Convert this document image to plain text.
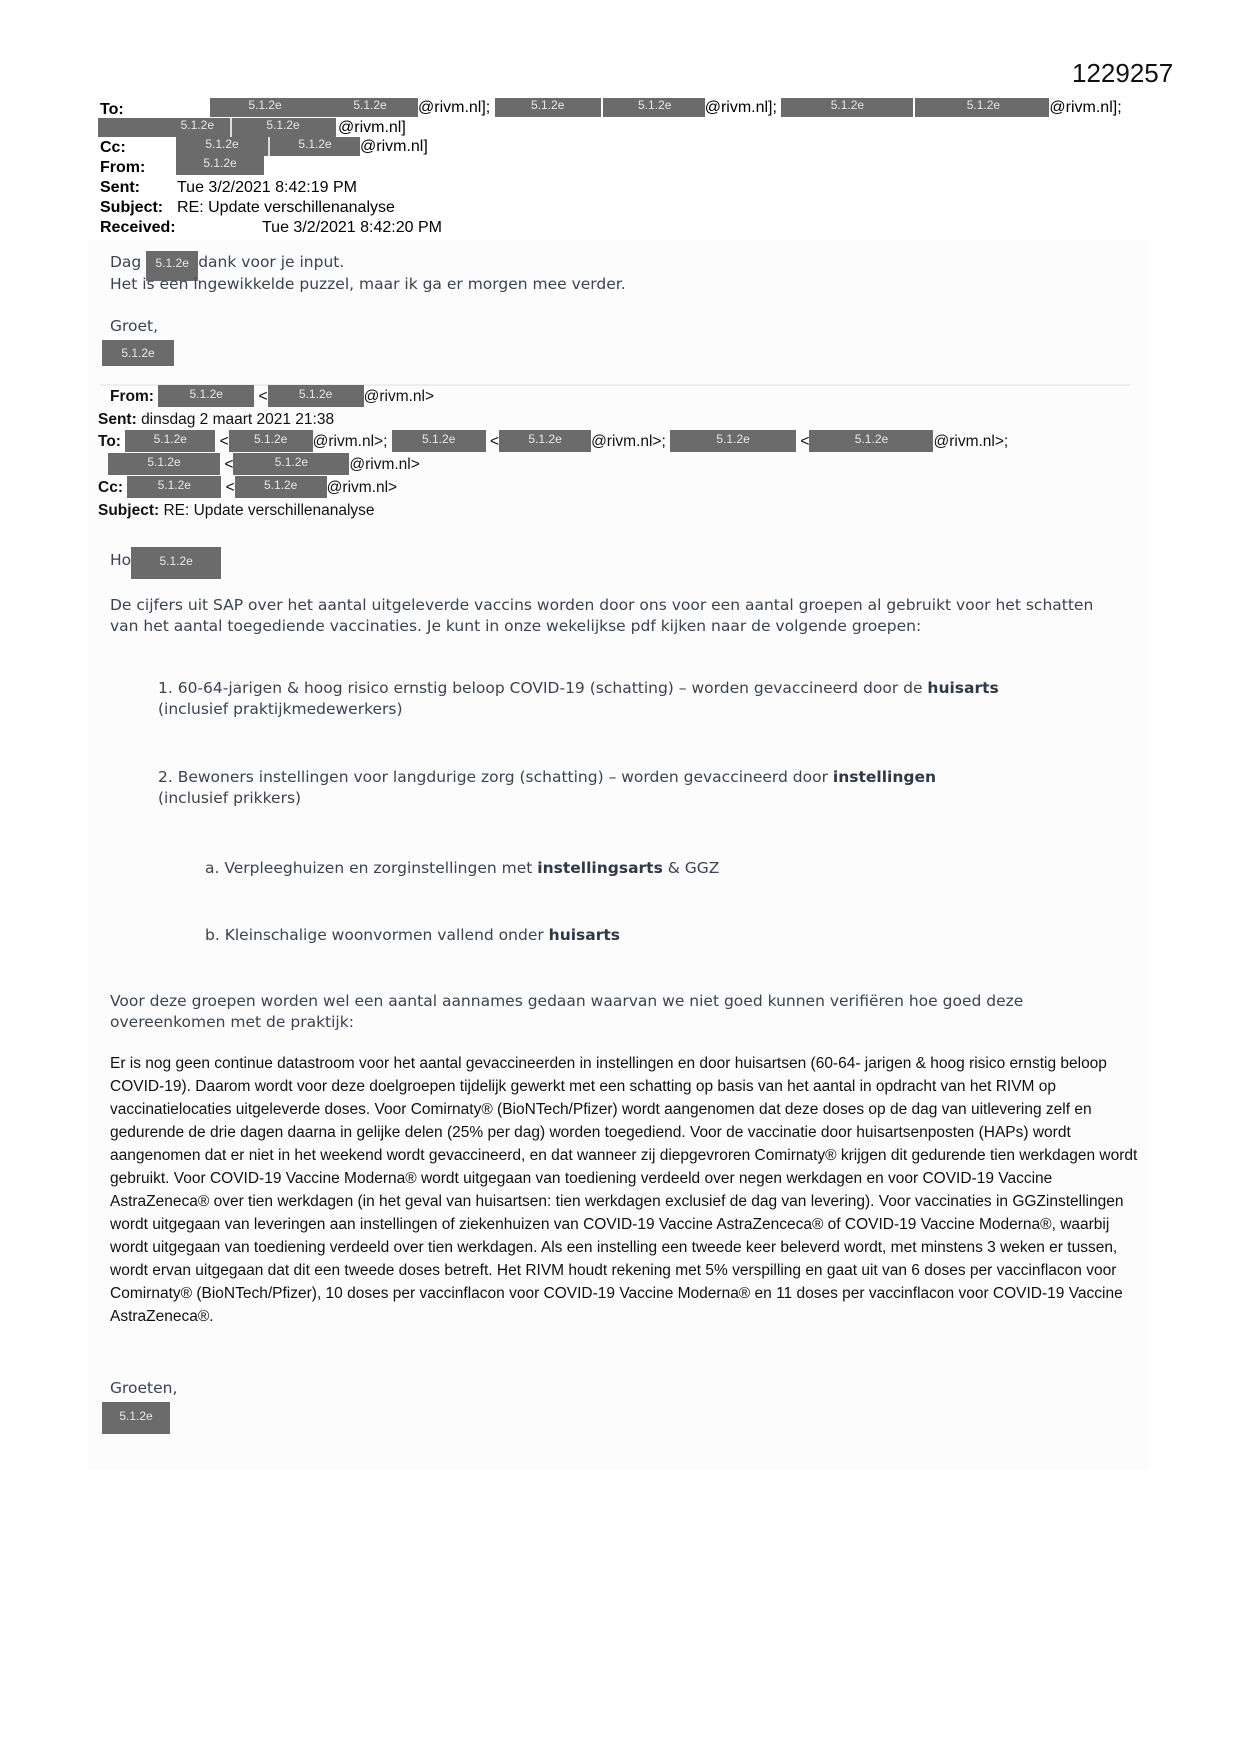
1229257
To:	5.1.2e	5.1.2e @rivm.nl];	5.1.2e	5.1.2e @rivm.nl];	5.1.2e	5.1.2e	@rivm.nl];
5.1.2e	5.1.2e @rivm.nl]
Cc:	5.1.2e	5.1.2e @rivm.nl]
From:	5.1.2e
Sent: Tue 3/2/2021 8:42:19 PM
Subject: RE: Update verschillenanalyse
Received:	Tue 3/2/2021 8:42:20 PM
Dag 5.1.2e dank voor je input.
Het is een ingewikkelde puzzel, maar ik ga er morgen mee verder.
Groet,
5.1.2e
From:	5.1.2e <	5.1.2e @rivm.nl>
Sent: dinsdag 2 maart 2021 21:38
To:	5.1.2e < 5.1.2e @rivm.nl>;	5.1.2e < 5.1.2e @rivm.nl>;	5.1.2e	<	5.1.2e	@rivm.nl>;
5.1.2e	<	5.1.2e	@rivm.nl>
Cc:	5.1.2e < 5.1.2e @rivm.nl>
Subject: RE: Update verschillenanalyse
Ho 5.1.2e
De cijfers uit SAP over het aantal uitgeleverde vaccins worden door ons voor een aantal groepen al gebruikt voor het schatten van het aantal toegediende vaccinaties. Je kunt in onze wekelijkse pdf kijken naar de volgende groepen:
1. 60-64-jarigen & hoog risico ernstig beloop COVID-19 (schatting) – worden gevaccineerd door de huisarts
(inclusief praktijkmedewerkers)
2. Bewoners instellingen voor langdurige zorg (schatting) – worden gevaccineerd door instellingen
(inclusief prikkers)
a. Verpleeghuizen en zorginstellingen met instellingsarts & GGZ
b. Kleinschalige woonvormen vallend onder huisarts
Voor deze groepen worden wel een aantal aannames gedaan waarvan we niet goed kunnen verifiëren hoe goed deze overeenkomen met de praktijk:
Er is nog geen continue datastroom voor het aantal gevaccineerden in instellingen en door huisartsen (60-64- jarigen & hoog risico ernstig beloop COVID-19). Daarom wordt voor deze doelgroepen tijdelijk gewerkt met een schatting op basis van het aantal in opdracht van het RIVM op vaccinatielocaties uitgeleverde doses. Voor Comirnaty® (BioNTech/Pfizer) wordt aangenomen dat deze doses op de dag van uitlevering zelf en gedurende de drie dagen daarna in gelijke delen (25% per dag) worden toegediend. Voor de vaccinatie door huisartsenposten (HAPs) wordt aangenomen dat er niet in het weekend wordt gevaccineerd, en dat wanneer zij diepgevroren Comirnaty® krijgen dit gedurende tien werkdagen wordt gebruikt. Voor COVID-19 Vaccine Moderna® wordt uitgegaan van toediening verdeeld over negen werkdagen en voor COVID-19 Vaccine AstraZeneca® over tien werkdagen (in het geval van huisartsen: tien werkdagen exclusief de dag van levering). Voor vaccinaties in GGZinstellingen wordt uitgegaan van leveringen aan instellingen of ziekenhuizen van COVID-19 Vaccine AstraZenceca® of COVID-19 Vaccine Moderna®, waarbij wordt uitgegaan van toediening verdeeld over tien werkdagen. Als een instelling een tweede keer beleverd wordt, met minstens 3 weken er tussen, wordt ervan uitgegaan dat dit een tweede doses betreft. Het RIVM houdt rekening met 5% verspilling en gaat uit van 6 doses per vaccinflacon voor Comirnaty® (BioNTech/Pfizer), 10 doses per vaccinflacon voor COVID-19 Vaccine Moderna® en 11 doses per vaccinflacon voor COVID-19 Vaccine AstraZeneca®.
Groeten,
5.1.2e
